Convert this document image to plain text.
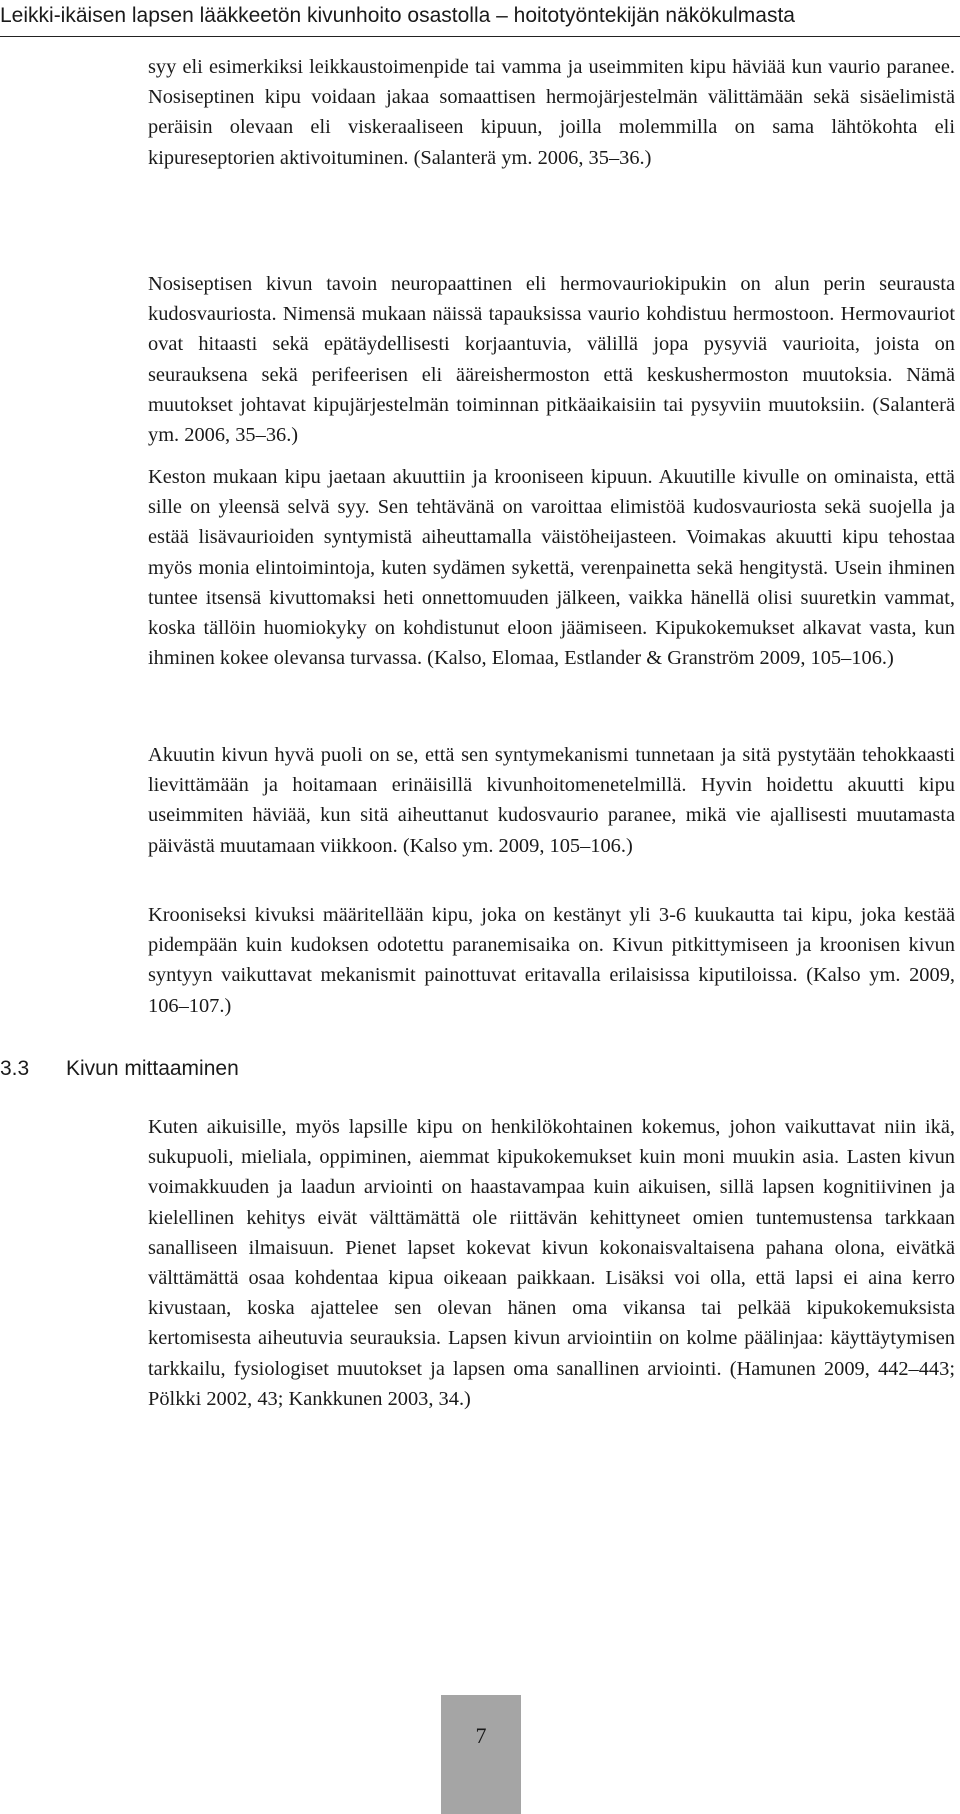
Leikki-ikäisen lapsen lääkkeetön kivunhoito osastolla – hoitotyöntekijän näkökulmasta

syy eli esimerkiksi leikkaustoimenpide tai vamma ja useimmiten kipu häviää kun vaurio paranee. Nosiseptinen kipu voidaan jakaa somaattisen hermojärjestelmän välittämään sekä sisäelimistä peräisin olevaan eli viskeraaliseen kipuun, joilla molemmilla on sama lähtökohta eli kipureseptorien aktivoituminen. (Salanterä ym. 2006, 35–36.)

Nosiseptisen kivun tavoin neuropaattinen eli hermovauriokipukin on alun perin seurausta kudosvauriosta. Nimensä mukaan näissä tapauksissa vaurio kohdistuu hermostoon. Hermovauriot ovat hitaasti sekä epätäydellisesti korjaantuvia, välillä jopa pysyviä vaurioita, joista on seurauksena sekä perifeerisen eli ääreishermoston että keskushermoston muutoksia. Nämä muutokset johtavat kipujärjestelmän toiminnan pitkäaikaisiin tai pysyviin muutoksiin. (Salanterä ym. 2006, 35–36.)

Keston mukaan kipu jaetaan akuuttiin ja krooniseen kipuun. Akuutille kivulle on ominaista, että sille on yleensä selvä syy. Sen tehtävänä on varoittaa elimistöä kudosvauriosta sekä suojella ja estää lisävaurioiden syntymistä aiheuttamalla väistöheijasteen. Voimakas akuutti kipu tehostaa myös monia elintoimintoja, kuten sydämen sykettä, verenpainetta sekä hengitystä. Usein ihminen tuntee itsensä kivuttomaksi heti onnettomuuden jälkeen, vaikka hänellä olisi suuretkin vammat, koska tällöin huomiokyky on kohdistunut eloon jäämiseen. Kipukokemukset alkavat vasta, kun ihminen kokee olevansa turvassa. (Kalso, Elomaa, Estlander & Granström 2009, 105–106.)

Akuutin kivun hyvä puoli on se, että sen syntymekanismi tunnetaan ja sitä pystytään tehokkaasti lievittämään ja hoitamaan erinäisillä kivunhoitomenetelmillä. Hyvin hoidettu akuutti kipu useimmiten häviää, kun sitä aiheuttanut kudosvaurio paranee, mikä vie ajallisesti muutamasta päivästä muutamaan viikkoon. (Kalso ym. 2009, 105–106.)

Krooniseksi kivuksi määritellään kipu, joka on kestänyt yli 3-6 kuukautta tai kipu, joka kestää pidempään kuin kudoksen odotettu paranemisaika on. Kivun pitkittymiseen ja kroonisen kivun syntyyn vaikuttavat mekanismit painottuvat eritavalla erilaisissa kiputiloissa. (Kalso ym. 2009, 106–107.)

3.3 Kivun mittaaminen

Kuten aikuisille, myös lapsille kipu on henkilökohtainen kokemus, johon vaikuttavat niin ikä, sukupuoli, mieliala, oppiminen, aiemmat kipukokemukset kuin moni muukin asia. Lasten kivun voimakkuuden ja laadun arviointi on haastavampaa kuin aikuisen, sillä lapsen kognitiivinen ja kielellinen kehitys eivät välttämättä ole riittävän kehittyneet omien tuntemustensa tarkkaan sanalliseen ilmaisuun. Pienet lapset kokevat kivun kokonaisvaltaisena pahana olona, eivätkä välttämättä osaa kohdentaa kipua oikeaan paikkaan. Lisäksi voi olla, että lapsi ei aina kerro kivustaan, koska ajattelee sen olevan hänen oma vikansa tai pelkää kipukokemuksista kertomisesta aiheutuvia seurauksia. Lapsen kivun arviointiin on kolme päälinjaa: käyttäytymisen tarkkailu, fysiologiset muutokset ja lapsen oma sanallinen arviointi. (Hamunen 2009, 442–443; Pölkki 2002, 43; Kankkunen 2003, 34.)

7
